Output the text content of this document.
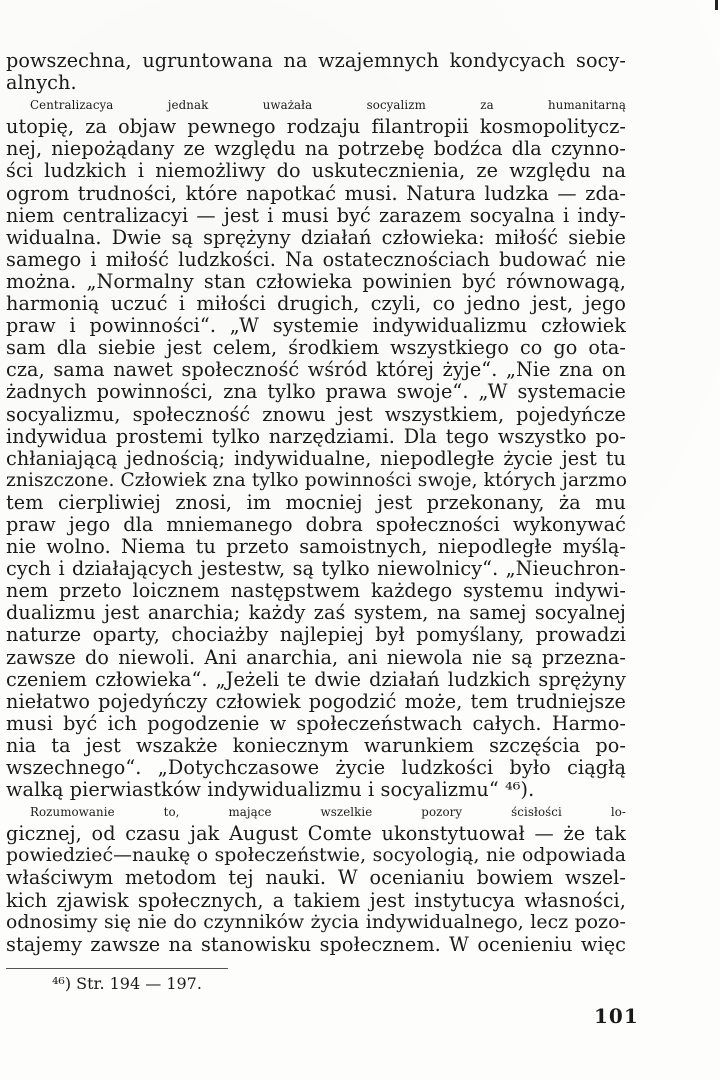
powszechna, ugruntowana na wzajemnych kondycyach socy-
alnych.
Centralizacya jednak uważała socyalizm za humanitarną
utopię, za objaw pewnego rodzaju filantropii kosmopolitycz-
nej, niepożądany ze względu na potrzebę bodźca dla czynno-
ści ludzkich i niemożliwy do uskutecznienia, ze względu na
ogrom trudności, które napotkać musi. Natura ludzka — zda-
niem centralizacyi — jest i musi być zarazem socyalna i indy-
widualna. Dwie są sprężyny działań człowieka: miłość siebie
samego i miłość ludzkości. Na ostatecznościach budować nie
można. „Normalny stan człowieka powinien być równowagą,
harmonią uczuć i miłości drugich, czyli, co jedno jest, jego
praw i powinności“. „W systemie indywidualizmu człowiek
sam dla siebie jest celem, środkiem wszystkiego co go ota-
cza, sama nawet społeczność wśród której żyje“. „Nie zna on
żadnych powinności, zna tylko prawa swoje“. „W systemacie
socyalizmu, społeczność znowu jest wszystkiem, pojedyńcze
indywidua prostemi tylko narzędziami. Dla tego wszystko po-
chłaniającą jednością; indywidualne, niepodległe życie jest tu
zniszczone. Człowiek zna tylko powinności swoje, których jarzmo
tem cierpliwiej znosi, im mocniej jest przekonany, ża mu
praw jego dla mniemanego dobra społeczności wykonywać
nie wolno. Niema tu przeto samoistnych, niepodległe myślą-
cych i działających jestestw, są tylko niewolnicy“. „Nieuchron-
nem przeto loicznem następstwem każdego systemu indywi-
dualizmu jest anarchia; każdy zaś system, na samej socyalnej
naturze oparty, chociażby najlepiej był pomyślany, prowadzi
zawsze do niewoli. Ani anarchia, ani niewola nie są przezna-
czeniem człowieka“. „Jeżeli te dwie działań ludzkich sprężyny
niełatwo pojedyńczy człowiek pogodzić może, tem trudniejsze
musi być ich pogodzenie w społeczeństwach całych. Harmo-
nia ta jest wszakże koniecznym warunkiem szczęścia po-
wszechnego“. „Dotychczasowe życie ludzkości było ciągłą
walką pierwiastków indywidualizmu i socyalizmu“ ⁴⁶).
Rozumowanie to, mające wszelkie pozory ścisłości lo-
gicznej, od czasu jak August Comte ukonstytuował — że tak
powiedzieć—naukę o społeczeństwie, socyologią, nie odpowiada
właściwym metodom tej nauki. W ocenianiu bowiem wszel-
kich zjawisk społecznych, a takiem jest instytucya własności,
odnosimy się nie do czynników życia indywidualnego, lecz pozo-
stajemy zawsze na stanowisku społecznem. W ocenieniu więc
⁴⁶) Str. 194 — 197.
101
